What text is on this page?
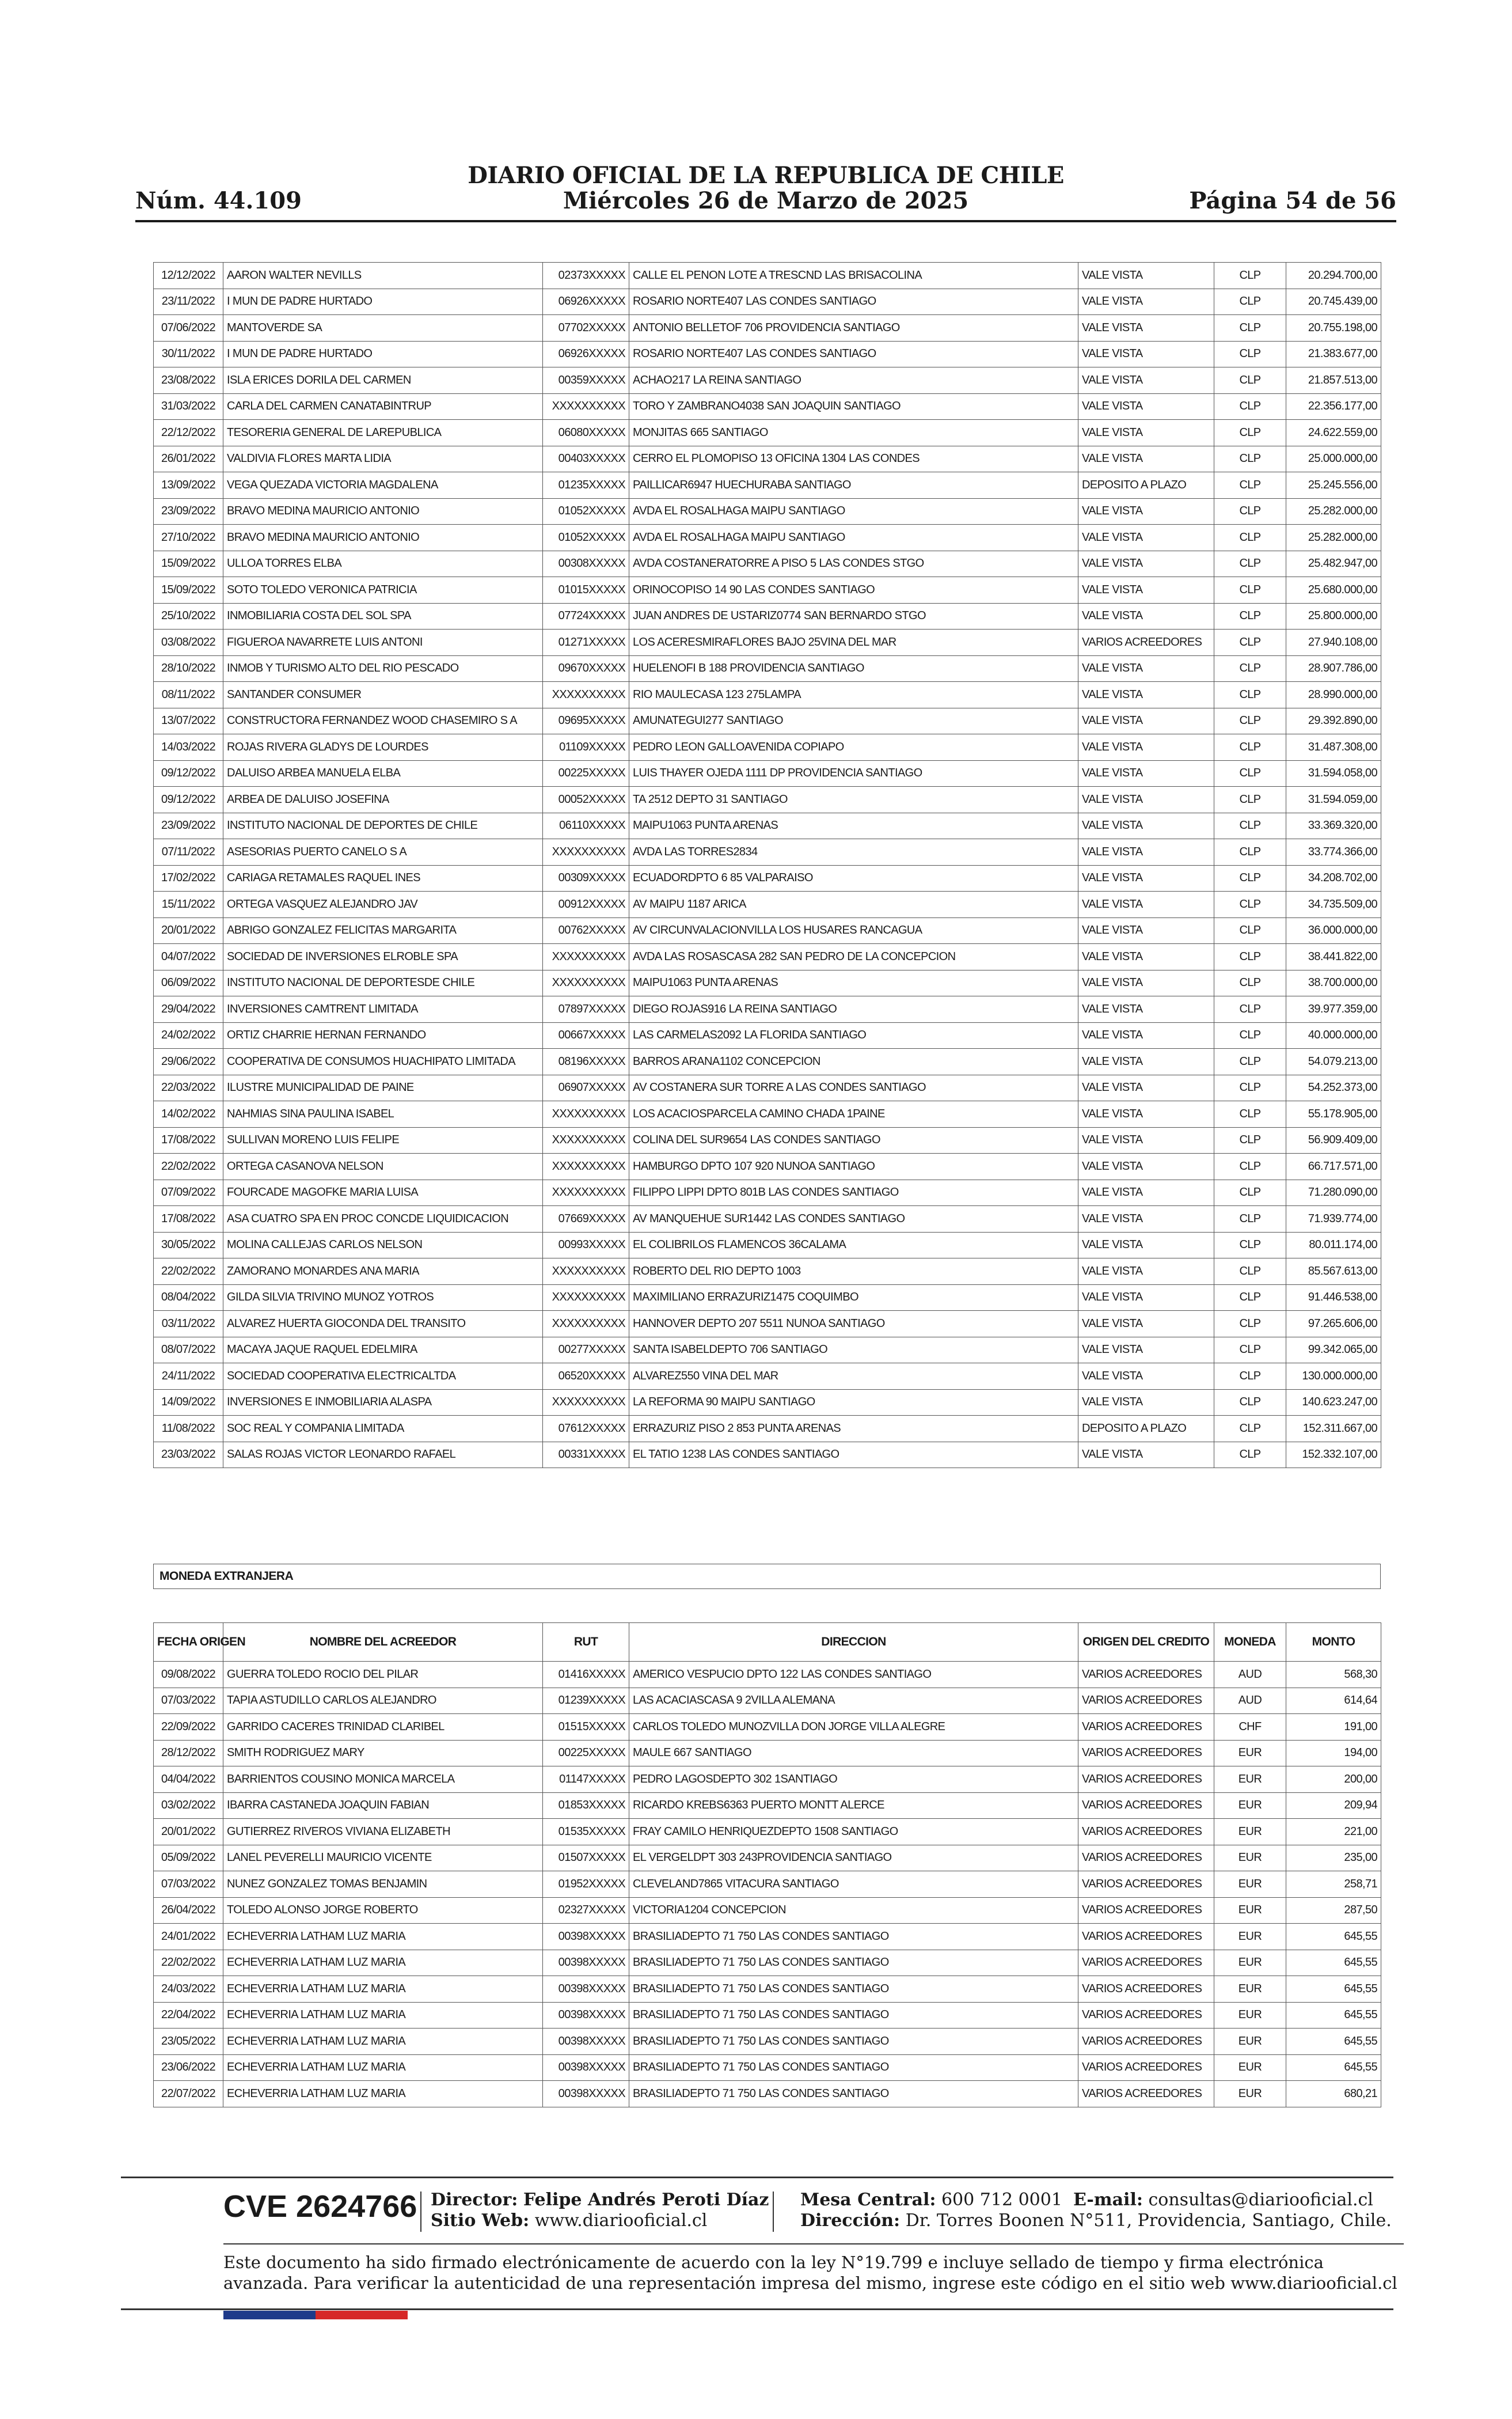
DIARIO OFICIAL DE LA REPUBLICA DE CHILE
Núm. 44.109	Miércoles 26 de Marzo de 2025	Página 54 de 56
12/12/2022	AARON WALTER NEVILLS	02373XXXXX	CALLE EL PENON LOTE A TRESCND LAS BRISACOLINA	VALE VISTA	CLP	20.294.700,00
23/11/2022	I MUN DE PADRE HURTADO	06926XXXXX	ROSARIO NORTE407 LAS CONDES SANTIAGO	VALE VISTA	CLP	20.745.439,00
07/06/2022	MANTOVERDE SA	07702XXXXX	ANTONIO BELLETOF 706 PROVIDENCIA SANTIAGO	VALE VISTA	CLP	20.755.198,00
30/11/2022	I MUN DE PADRE HURTADO	06926XXXXX	ROSARIO NORTE407 LAS CONDES SANTIAGO	VALE VISTA	CLP	21.383.677,00
23/08/2022	ISLA ERICES DORILA DEL CARMEN	00359XXXXX	ACHAO217 LA REINA SANTIAGO	VALE VISTA	CLP	21.857.513,00
31/03/2022	CARLA DEL CARMEN CANATABINTRUP	XXXXXXXXXX	TORO Y ZAMBRANO4038 SAN JOAQUIN SANTIAGO	VALE VISTA	CLP	22.356.177,00
22/12/2022	TESORERIA GENERAL DE LAREPUBLICA	06080XXXXX	MONJITAS 665 SANTIAGO	VALE VISTA	CLP	24.622.559,00
26/01/2022	VALDIVIA FLORES MARTA LIDIA	00403XXXXX	CERRO EL PLOMOPISO 13 OFICINA 1304 LAS CONDES	VALE VISTA	CLP	25.000.000,00
13/09/2022	VEGA QUEZADA VICTORIA MAGDALENA	01235XXXXX	PAILLICAR6947 HUECHURABA SANTIAGO	DEPOSITO A PLAZO	CLP	25.245.556,00
23/09/2022	BRAVO MEDINA MAURICIO ANTONIO	01052XXXXX	AVDA EL ROSALHAGA MAIPU SANTIAGO	VALE VISTA	CLP	25.282.000,00
27/10/2022	BRAVO MEDINA MAURICIO ANTONIO	01052XXXXX	AVDA EL ROSALHAGA MAIPU SANTIAGO	VALE VISTA	CLP	25.282.000,00
15/09/2022	ULLOA TORRES ELBA	00308XXXXX	AVDA COSTANERATORRE A PISO 5 LAS CONDES STGO	VALE VISTA	CLP	25.482.947,00
15/09/2022	SOTO TOLEDO VERONICA PATRICIA	01015XXXXX	ORINOCOPISO 14 90 LAS CONDES SANTIAGO	VALE VISTA	CLP	25.680.000,00
25/10/2022	INMOBILIARIA COSTA DEL SOL SPA	07724XXXXX	JUAN ANDRES DE USTARIZ0774 SAN BERNARDO STGO	VALE VISTA	CLP	25.800.000,00
03/08/2022	FIGUEROA NAVARRETE LUIS ANTONI	01271XXXXX	LOS ACERESMIRAFLORES BAJO 25VINA DEL MAR	VARIOS ACREEDORES	CLP	27.940.108,00
28/10/2022	INMOB Y TURISMO ALTO DEL RIO PESCADO	09670XXXXX	HUELENOFI B 188 PROVIDENCIA SANTIAGO	VALE VISTA	CLP	28.907.786,00
08/11/2022	SANTANDER CONSUMER	XXXXXXXXXX	RIO MAULECASA 123 275LAMPA	VALE VISTA	CLP	28.990.000,00
13/07/2022	CONSTRUCTORA FERNANDEZ WOOD CHASEMIRO S A	09695XXXXX	AMUNATEGUI277 SANTIAGO	VALE VISTA	CLP	29.392.890,00
14/03/2022	ROJAS RIVERA GLADYS DE LOURDES	01109XXXXX	PEDRO LEON GALLOAVENIDA COPIAPO	VALE VISTA	CLP	31.487.308,00
09/12/2022	DALUISO ARBEA MANUELA ELBA	00225XXXXX	LUIS THAYER OJEDA 1111 DP PROVIDENCIA SANTIAGO	VALE VISTA	CLP	31.594.058,00
09/12/2022	ARBEA DE DALUISO JOSEFINA	00052XXXXX	TA 2512 DEPTO 31 SANTIAGO	VALE VISTA	CLP	31.594.059,00
23/09/2022	INSTITUTO NACIONAL DE DEPORTES DE CHILE	06110XXXXX	MAIPU1063 PUNTA ARENAS	VALE VISTA	CLP	33.369.320,00
07/11/2022	ASESORIAS PUERTO CANELO S A	XXXXXXXXXX	AVDA LAS TORRES2834	VALE VISTA	CLP	33.774.366,00
17/02/2022	CARIAGA RETAMALES RAQUEL INES	00309XXXXX	ECUADORDPTO 6 85 VALPARAISO	VALE VISTA	CLP	34.208.702,00
15/11/2022	ORTEGA VASQUEZ ALEJANDRO JAV	00912XXXXX	AV MAIPU 1187 ARICA	VALE VISTA	CLP	34.735.509,00
20/01/2022	ABRIGO GONZALEZ FELICITAS MARGARITA	00762XXXXX	AV CIRCUNVALACIONVILLA LOS HUSARES RANCAGUA	VALE VISTA	CLP	36.000.000,00
04/07/2022	SOCIEDAD DE INVERSIONES ELROBLE SPA	XXXXXXXXXX	AVDA LAS ROSASCASA 282 SAN PEDRO DE LA CONCEPCION	VALE VISTA	CLP	38.441.822,00
06/09/2022	INSTITUTO NACIONAL DE DEPORTESDE CHILE	XXXXXXXXXX	MAIPU1063 PUNTA ARENAS	VALE VISTA	CLP	38.700.000,00
29/04/2022	INVERSIONES CAMTRENT LIMITADA	07897XXXXX	DIEGO ROJAS916 LA REINA SANTIAGO	VALE VISTA	CLP	39.977.359,00
24/02/2022	ORTIZ CHARRIE HERNAN FERNANDO	00667XXXXX	LAS CARMELAS2092 LA FLORIDA SANTIAGO	VALE VISTA	CLP	40.000.000,00
29/06/2022	COOPERATIVA DE CONSUMOS HUACHIPATO LIMITADA	08196XXXXX	BARROS ARANA1102 CONCEPCION	VALE VISTA	CLP	54.079.213,00
22/03/2022	ILUSTRE MUNICIPALIDAD DE PAINE	06907XXXXX	AV COSTANERA SUR TORRE A LAS CONDES SANTIAGO	VALE VISTA	CLP	54.252.373,00
14/02/2022	NAHMIAS SINA PAULINA ISABEL	XXXXXXXXXX	LOS ACACIOSPARCELA CAMINO CHADA 1PAINE	VALE VISTA	CLP	55.178.905,00
17/08/2022	SULLIVAN MORENO LUIS FELIPE	XXXXXXXXXX	COLINA DEL SUR9654 LAS CONDES SANTIAGO	VALE VISTA	CLP	56.909.409,00
22/02/2022	ORTEGA CASANOVA NELSON	XXXXXXXXXX	HAMBURGO DPTO 107 920 NUNOA SANTIAGO	VALE VISTA	CLP	66.717.571,00
07/09/2022	FOURCADE MAGOFKE MARIA LUISA	XXXXXXXXXX	FILIPPO LIPPI DPTO 801B LAS CONDES SANTIAGO	VALE VISTA	CLP	71.280.090,00
17/08/2022	ASA CUATRO SPA EN PROC CONCDE LIQUIDICACION	07669XXXXX	AV MANQUEHUE SUR1442 LAS CONDES SANTIAGO	VALE VISTA	CLP	71.939.774,00
30/05/2022	MOLINA CALLEJAS CARLOS NELSON	00993XXXXX	EL COLIBRILOS FLAMENCOS 36CALAMA	VALE VISTA	CLP	80.011.174,00
22/02/2022	ZAMORANO MONARDES ANA MARIA	XXXXXXXXXX	ROBERTO DEL RIO DEPTO 1003	VALE VISTA	CLP	85.567.613,00
08/04/2022	GILDA SILVIA TRIVINO MUNOZ YOTROS	XXXXXXXXXX	MAXIMILIANO ERRAZURIZ1475 COQUIMBO	VALE VISTA	CLP	91.446.538,00
03/11/2022	ALVAREZ HUERTA GIOCONDA DEL TRANSITO	XXXXXXXXXX	HANNOVER DEPTO 207 5511 NUNOA SANTIAGO	VALE VISTA	CLP	97.265.606,00
08/07/2022	MACAYA JAQUE RAQUEL EDELMIRA	00277XXXXX	SANTA ISABELDEPTO 706 SANTIAGO	VALE VISTA	CLP	99.342.065,00
24/11/2022	SOCIEDAD COOPERATIVA ELECTRICALTDA	06520XXXXX	ALVAREZ550 VINA DEL MAR	VALE VISTA	CLP	130.000.000,00
14/09/2022	INVERSIONES E INMOBILIARIA ALASPA	XXXXXXXXXX	LA REFORMA 90 MAIPU SANTIAGO	VALE VISTA	CLP	140.623.247,00
11/08/2022	SOC REAL Y COMPANIA LIMITADA	07612XXXXX	ERRAZURIZ PISO 2 853 PUNTA ARENAS	DEPOSITO A PLAZO	CLP	152.311.667,00
23/03/2022	SALAS ROJAS VICTOR LEONARDO RAFAEL	00331XXXXX	EL TATIO 1238 LAS CONDES SANTIAGO	VALE VISTA	CLP	152.332.107,00
MONEDA EXTRANJERA
FECHA ORIGEN	NOMBRE DEL ACREEDOR	RUT	DIRECCION	ORIGEN DEL CREDITO	MONEDA	MONTO
09/08/2022	GUERRA TOLEDO ROCIO DEL PILAR	01416XXXXX	AMERICO VESPUCIO DPTO 122 LAS CONDES SANTIAGO	VARIOS ACREEDORES	AUD	568,30
07/03/2022	TAPIA ASTUDILLO CARLOS ALEJANDRO	01239XXXXX	LAS ACACIASCASA 9 2VILLA ALEMANA	VARIOS ACREEDORES	AUD	614,64
22/09/2022	GARRIDO CACERES TRINIDAD CLARIBEL	01515XXXXX	CARLOS TOLEDO MUNOZVILLA DON JORGE VILLA ALEGRE	VARIOS ACREEDORES	CHF	191,00
28/12/2022	SMITH RODRIGUEZ MARY	00225XXXXX	MAULE 667 SANTIAGO	VARIOS ACREEDORES	EUR	194,00
04/04/2022	BARRIENTOS COUSINO MONICA MARCELA	01147XXXXX	PEDRO LAGOSDEPTO 302 1SANTIAGO	VARIOS ACREEDORES	EUR	200,00
03/02/2022	IBARRA CASTANEDA JOAQUIN FABIAN	01853XXXXX	RICARDO KREBS6363 PUERTO MONTT ALERCE	VARIOS ACREEDORES	EUR	209,94
20/01/2022	GUTIERREZ RIVEROS VIVIANA ELIZABETH	01535XXXXX	FRAY CAMILO HENRIQUEZDEPTO 1508 SANTIAGO	VARIOS ACREEDORES	EUR	221,00
05/09/2022	LANEL PEVERELLI MAURICIO VICENTE	01507XXXXX	EL VERGELDPT 303 243PROVIDENCIA SANTIAGO	VARIOS ACREEDORES	EUR	235,00
07/03/2022	NUNEZ GONZALEZ TOMAS BENJAMIN	01952XXXXX	CLEVELAND7865 VITACURA SANTIAGO	VARIOS ACREEDORES	EUR	258,71
26/04/2022	TOLEDO ALONSO JORGE ROBERTO	02327XXXXX	VICTORIA1204 CONCEPCION	VARIOS ACREEDORES	EUR	287,50
24/01/2022	ECHEVERRIA LATHAM LUZ MARIA	00398XXXXX	BRASILIADEPTO 71 750 LAS CONDES SANTIAGO	VARIOS ACREEDORES	EUR	645,55
22/02/2022	ECHEVERRIA LATHAM LUZ MARIA	00398XXXXX	BRASILIADEPTO 71 750 LAS CONDES SANTIAGO	VARIOS ACREEDORES	EUR	645,55
24/03/2022	ECHEVERRIA LATHAM LUZ MARIA	00398XXXXX	BRASILIADEPTO 71 750 LAS CONDES SANTIAGO	VARIOS ACREEDORES	EUR	645,55
22/04/2022	ECHEVERRIA LATHAM LUZ MARIA	00398XXXXX	BRASILIADEPTO 71 750 LAS CONDES SANTIAGO	VARIOS ACREEDORES	EUR	645,55
23/05/2022	ECHEVERRIA LATHAM LUZ MARIA	00398XXXXX	BRASILIADEPTO 71 750 LAS CONDES SANTIAGO	VARIOS ACREEDORES	EUR	645,55
23/06/2022	ECHEVERRIA LATHAM LUZ MARIA	00398XXXXX	BRASILIADEPTO 71 750 LAS CONDES SANTIAGO	VARIOS ACREEDORES	EUR	645,55
22/07/2022	ECHEVERRIA LATHAM LUZ MARIA	00398XXXXX	BRASILIADEPTO 71 750 LAS CONDES SANTIAGO	VARIOS ACREEDORES	EUR	680,21
CVE 2624766 Director: Felipe Andrés Peroti Díaz
Sitio Web: www.diariooficial.cl
Mesa Central: 600 712 0001 E-mail: consultas@diariooficial.cl
Dirección: Dr. Torres Boonen N°511, Providencia, Santiago, Chile.
Este documento ha sido firmado electrónicamente de acuerdo con la ley N°19.799 e incluye sellado de tiempo y firma electrónica avanzada. Para verificar la autenticidad de una representación impresa del mismo, ingrese este código en el sitio web www.diariooficial.cl
